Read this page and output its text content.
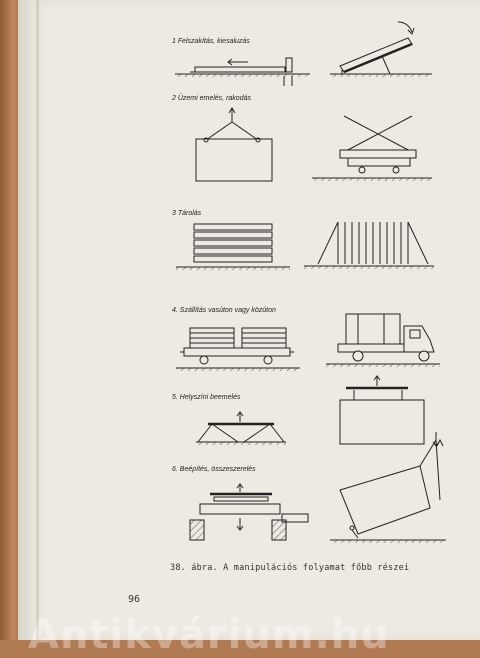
1 Felszakítás, kiesaluzás
2 Üzemi emelés, rakodás
3 Tárolás
4. Szállítás vasúton vagy közúton
5. Helyszíni beemelés
6. Beépítés, összeszerelés
38. ábra. A manipulációs folyamat főbb részei
96
Antikvárium.hu
